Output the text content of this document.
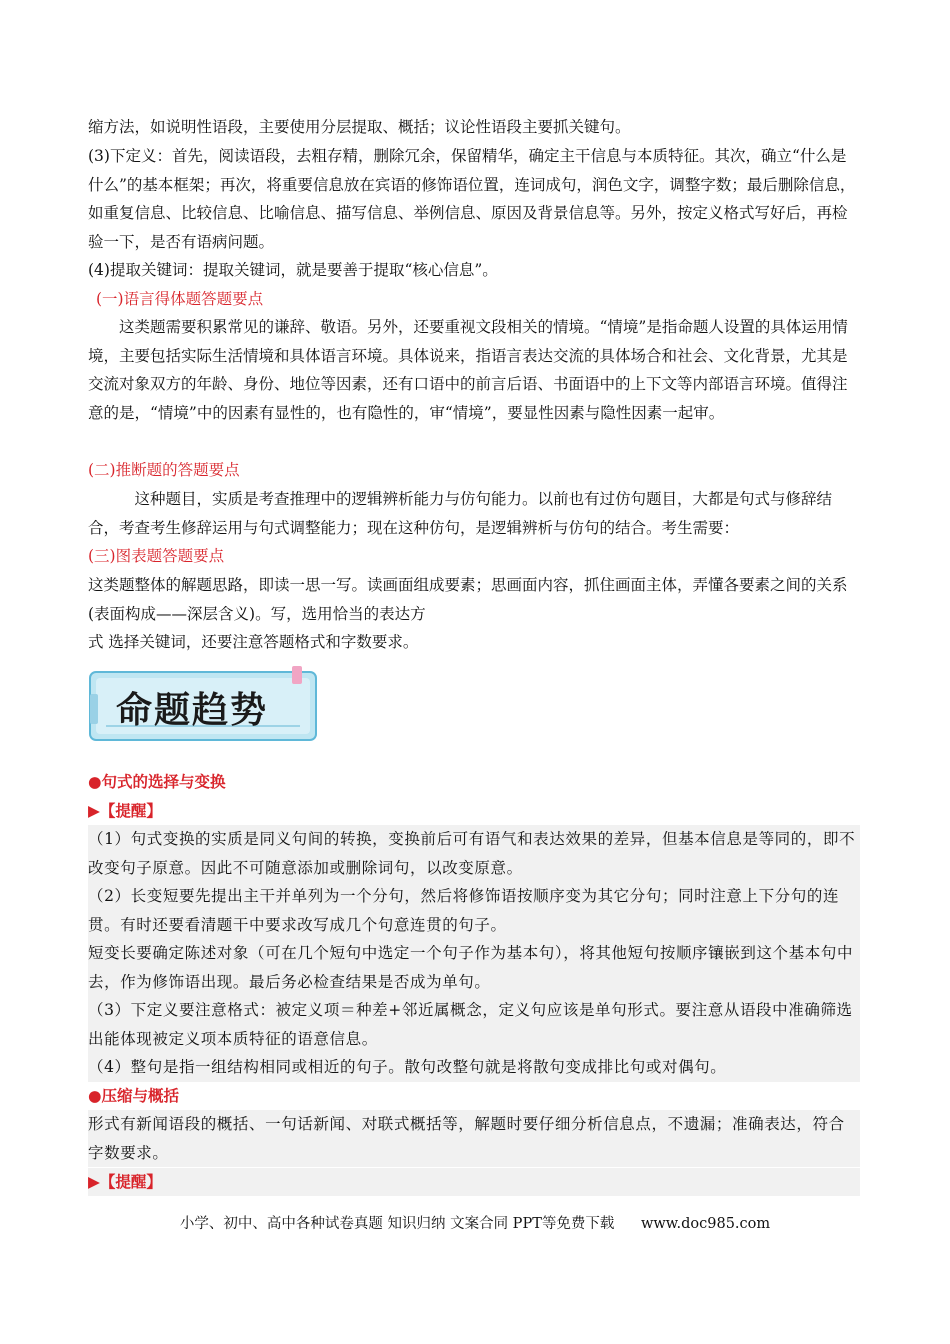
缩方法，如说明性语段，主要使用分层提取、概括；议论性语段主要抓关键句。

(3)下定义：首先，阅读语段，去粗存精，删除冗余，保留精华，确定主干信息与本质特征。其次，确立“什么是什么”的基本框架；再次，将重要信息放在宾语的修饰语位置，连词成句，润色文字，调整字数；最后删除信息，如重复信息、比较信息、比喻信息、描写信息、举例信息、原因及背景信息等。另外，按定义格式写好后，再检验一下，是否有语病问题。

(4)提取关键词：提取关键词，就是要善于提取“核心信息”。

(一)语言得体题答题要点

这类题需要积累常见的谦辞、敬语。另外，还要重视文段相关的情境。“情境”是指命题人设置的具体运用情境，主要包括实际生活情境和具体语言环境。具体说来，指语言表达交流的具体场合和社会、文化背景，尤其是交流对象双方的年龄、身份、地位等因素，还有口语中的前言后语、书面语中的上下文等内部语言环境。值得注意的是，“情境”中的因素有显性的，也有隐性的，审“情境”，要显性因素与隐性因素一起审。

(二)推断题的答题要点

这种题目，实质是考查推理中的逻辑辨析能力与仿句能力。以前也有过仿句题目，大都是句式与修辞结合，考查考生修辞运用与句式调整能力；现在这种仿句，是逻辑辨析与仿句的结合。考生需要：

(三)图表题答题要点

这类题整体的解题思路，即读一思一写。读画面组成要素；思画面内容，抓住画面主体，弄懂各要素之间的关系(表面构成——深层含义)。写，选用恰当的表达方

式 选择关键词，还要注意答题格式和字数要求。

命题趋势
●句式的选择与变换
▶【提醒】

（1）句式变换的实质是同义句间的转换，变换前后可有语气和表达效果的差异，但基本信息是等同的，即不改变句子原意。因此不可随意添加或删除词句，以改变原意。

（2）长变短要先提出主干并单列为一个分句，然后将修饰语按顺序变为其它分句；同时注意上下分句的连贯。有时还要看清题干中要求改写成几个句意连贯的句子。

短变长要确定陈述对象（可在几个短句中选定一个句子作为基本句），将其他短句按顺序镶嵌到这个基本句中去，作为修饰语出现。最后务必检查结果是否成为单句。

（3）下定义要注意格式：被定义项＝种差+邻近属概念，定义句应该是单句形式。要注意从语段中准确筛选出能体现被定义项本质特征的语意信息。

（4）整句是指一组结构相同或相近的句子。散句改整句就是将散句变成排比句或对偶句。

●压缩与概括

形式有新闻语段的概括、一句话新闻、对联式概括等，解题时要仔细分析信息点，不遗漏；准确表达，符合字数要求。

▶【提醒】
小学、初中、高中各种试卷真题 知识归纳 文案合同 PPT等免费下载 www.doc985.com
